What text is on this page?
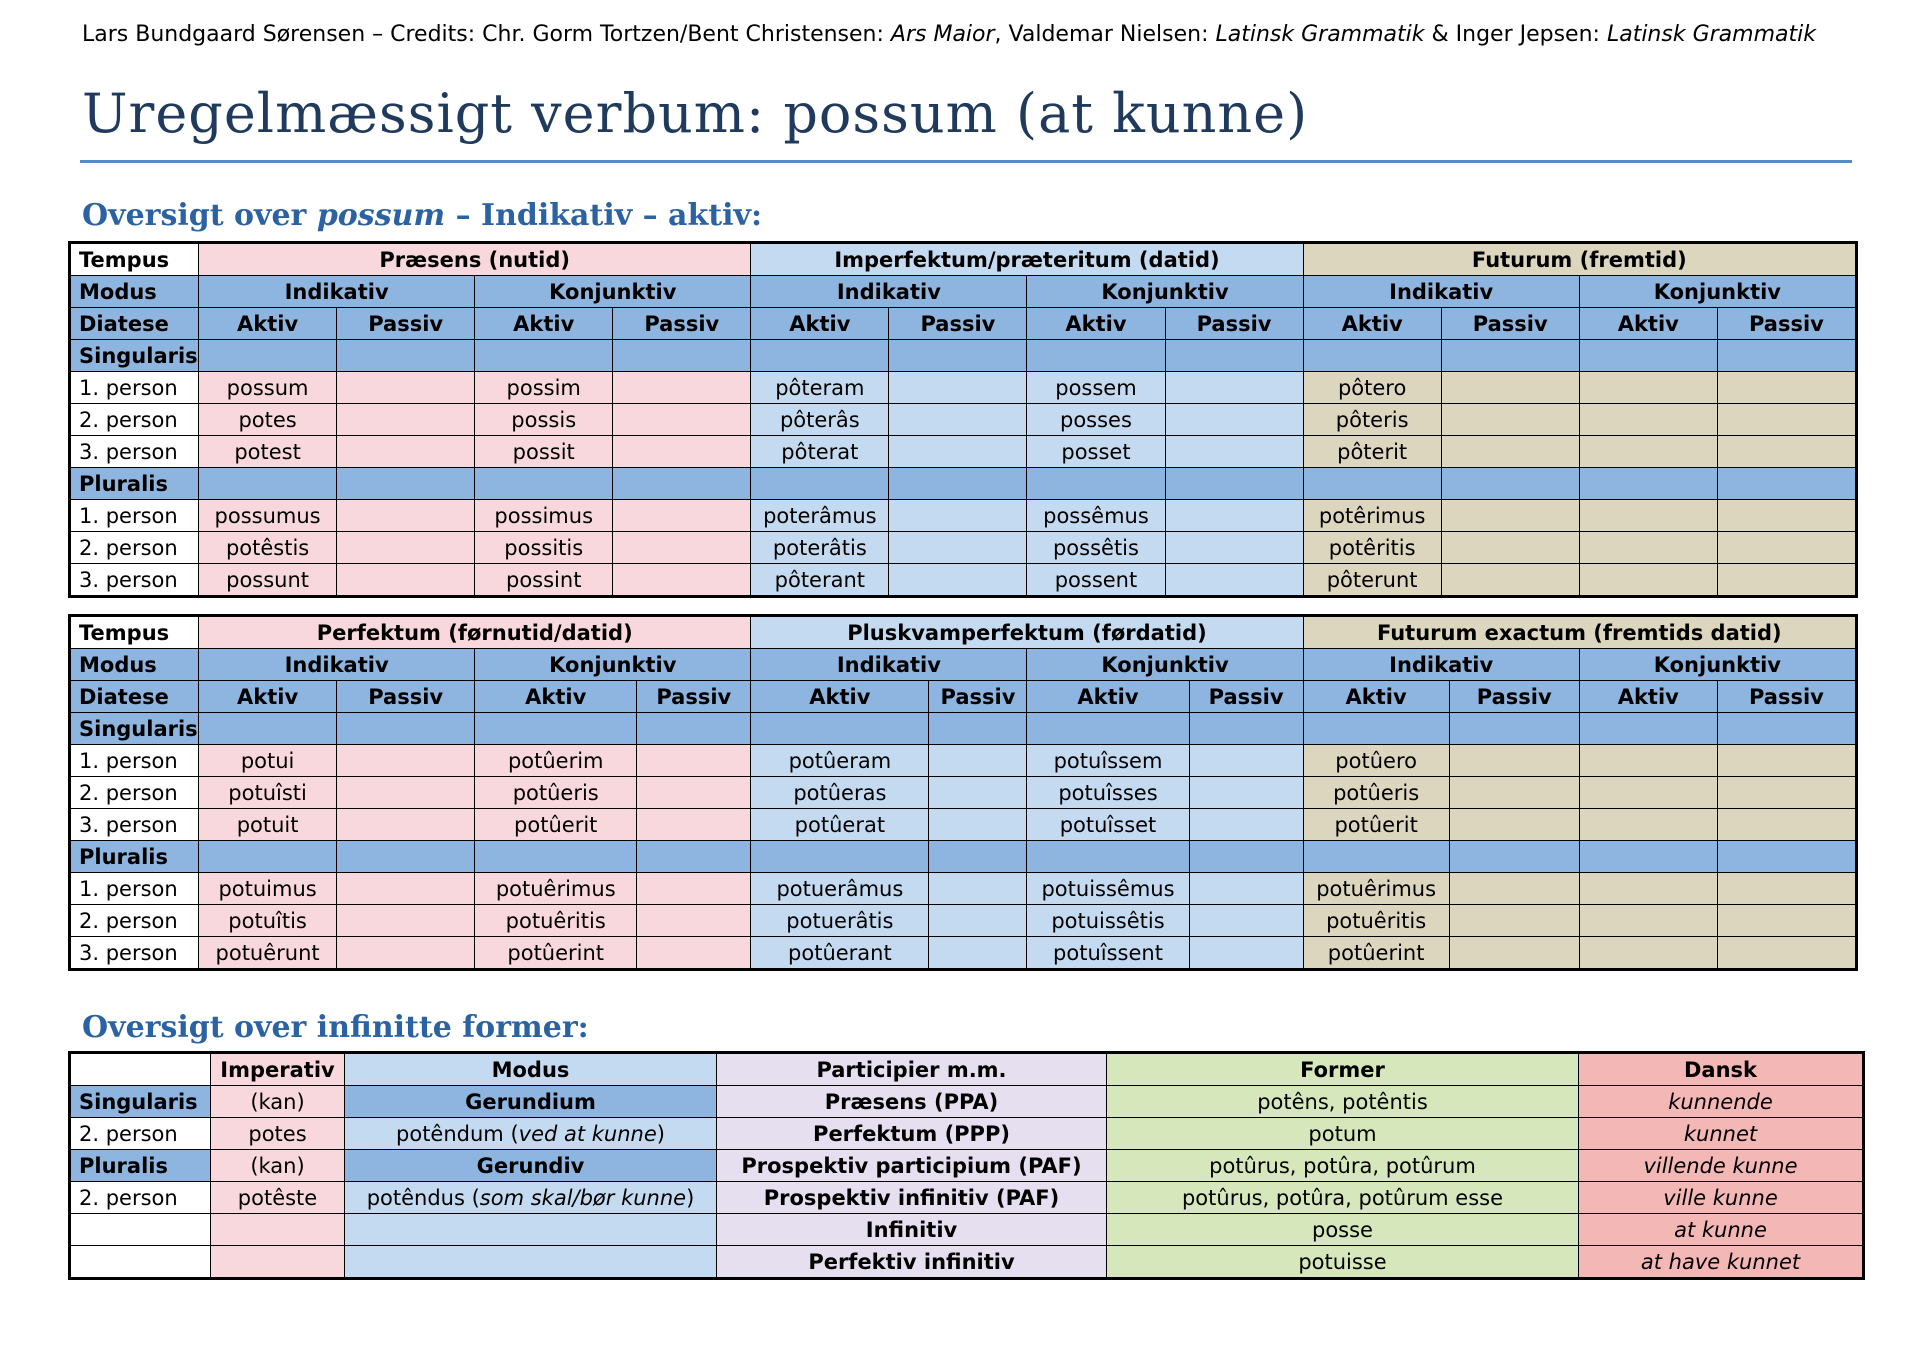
Lars Bundgaard Sørensen – Credits: Chr. Gorm Tortzen/Bent Christensen: Ars Maior, Valdemar Nielsen: Latinsk Grammatik & Inger Jepsen: Latinsk Grammatik
Uregelmæssigt verbum: possum (at kunne)
Oversigt over possum – Indikativ – aktiv:
Tempus	Præsens (nutid)				Imperfektum/præteritum (datid)				Futurum (fremtid)			
Modus	Indikativ		Konjunktiv		Indikativ		Konjunktiv		Indikativ		Konjunktiv	
Diatese	Aktiv	Passiv	Aktiv	Passiv	Aktiv	Passiv	Aktiv	Passiv	Aktiv	Passiv	Aktiv	Passiv
Singularis												
1. person	possum		possim		pôteram		possem		pôtero			
2. person	potes		possis		pôterâs		posses		pôteris			
3. person	potest		possit		pôterat		posset		pôterit			
Pluralis												
1. person	possumus		possimus		poterâmus		possêmus		potêrimus			
2. person	potêstis		possitis		poterâtis		possêtis		potêritis			
3. person	possunt		possint		pôterant		possent		pôterunt			
Tempus	Perfektum (førnutid/datid)				Pluskvamperfektum (førdatid)				Futurum exactum (fremtids datid)			
Modus	Indikativ		Konjunktiv		Indikativ		Konjunktiv		Indikativ		Konjunktiv	
Diatese	Aktiv	Passiv	Aktiv	Passiv	Aktiv	Passiv	Aktiv	Passiv	Aktiv	Passiv	Aktiv	Passiv
Singularis												
1. person	potui		potûerim		potûeram		potuîssem		potûero			
2. person	potuîsti		potûeris		potûeras		potuîsses		potûeris			
3. person	potuit		potûerit		potûerat		potuîsset		potûerit			
Pluralis												
1. person	potuimus		potuêrimus		potuerâmus		potuissêmus		potuêrimus			
2. person	potuîtis		potuêritis		potuerâtis		potuissêtis		potuêritis			
3. person	potuêrunt		potûerint		potûerant		potuîssent		potûerint			
Oversigt over infinitte former:
	Imperativ	Modus	Participier m.m.	Former	Dansk
Singularis	(kan)	Gerundium	Præsens (PPA)	potêns, potêntis	kunnende
2. person	potes	potêndum (ved at kunne)	Perfektum (PPP)	potum	kunnet
Pluralis	(kan)	Gerundiv	Prospektiv participium (PAF)	potûrus, potûra, potûrum	villende kunne
2. person	potêste	potêndus (som skal/bør kunne)	Prospektiv infinitiv (PAF)	potûrus, potûra, potûrum esse	ville kunne
			Infinitiv	posse	at kunne
			Perfektiv infinitiv	potuisse	at have kunnet
